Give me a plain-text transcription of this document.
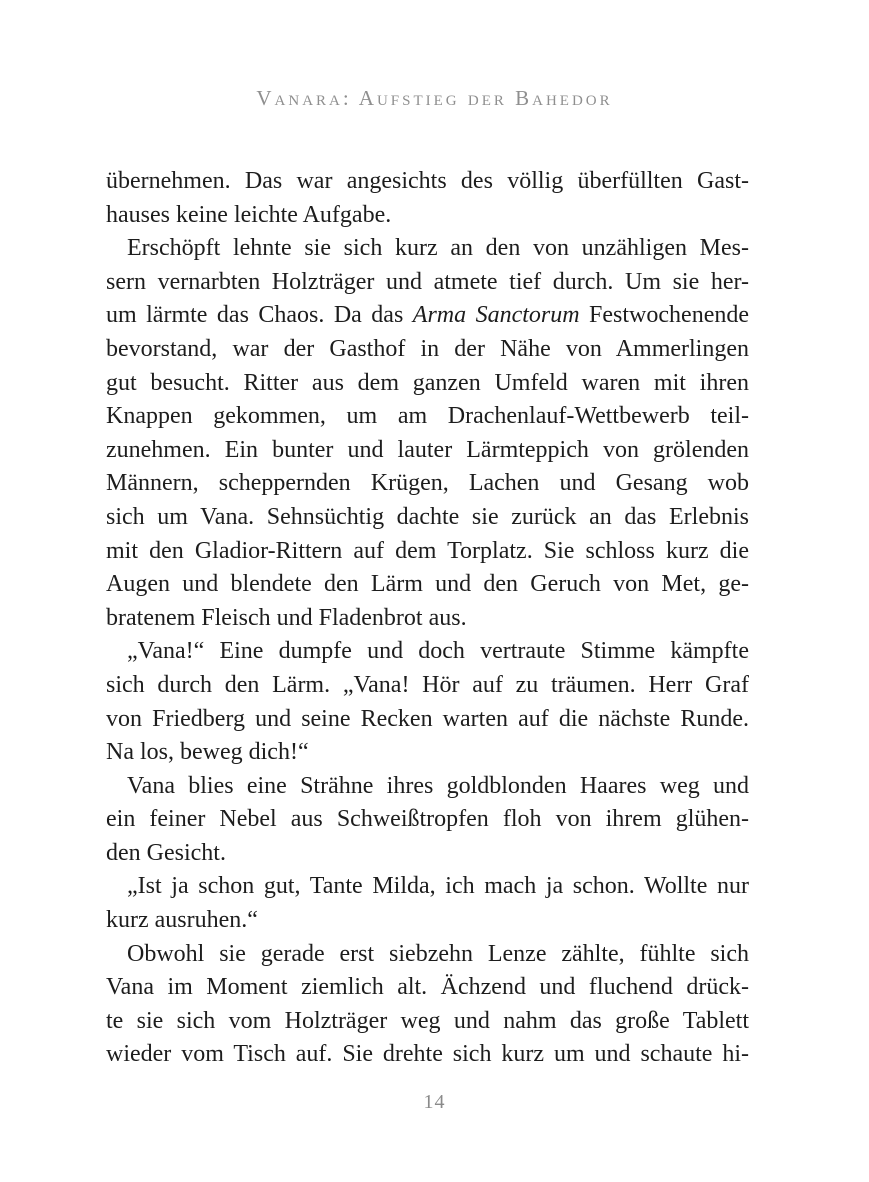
Vanara: Aufstieg der Bahedor
übernehmen. Das war angesichts des völlig überfüllten Gast-
hauses keine leichte Aufgabe.
Erschöpft lehnte sie sich kurz an den von unzähligen Mes-
sern vernarbten Holzträger und atmete tief durch. Um sie her-
um lärmte das Chaos. Da das Arma Sanctorum Festwochenende
bevorstand, war der Gasthof in der Nähe von Ammerlingen
gut besucht. Ritter aus dem ganzen Umfeld waren mit ihren
Knappen gekommen, um am Drachenlauf-Wettbewerb teil-
zunehmen. Ein bunter und lauter Lärmteppich von grölenden
Männern, scheppernden Krügen, Lachen und Gesang wob
sich um Vana. Sehnsüchtig dachte sie zurück an das Erlebnis
mit den Gladior-Rittern auf dem Torplatz. Sie schloss kurz die
Augen und blendete den Lärm und den Geruch von Met, ge-
bratenem Fleisch und Fladenbrot aus.
„Vana!“ Eine dumpfe und doch vertraute Stimme kämpfte
sich durch den Lärm. „Vana! Hör auf zu träumen. Herr Graf
von Friedberg und seine Recken warten auf die nächste Runde.
Na los, beweg dich!“
Vana blies eine Strähne ihres goldblonden Haares weg und
ein feiner Nebel aus Schweißtropfen floh von ihrem glühen-
den Gesicht.
„Ist ja schon gut, Tante Milda, ich mach ja schon. Wollte nur
kurz ausruhen.“
Obwohl sie gerade erst siebzehn Lenze zählte, fühlte sich
Vana im Moment ziemlich alt. Ächzend und fluchend drück-
te sie sich vom Holzträger weg und nahm das große Tablett
wieder vom Tisch auf. Sie drehte sich kurz um und schaute hi-
14
